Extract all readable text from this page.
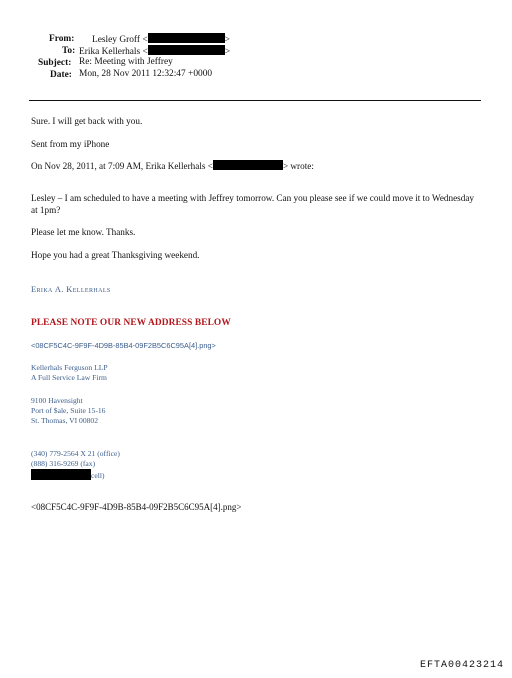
From: Lesley Groff <	>
To: Erika Kellerhals <	>
Subject: Re: Meeting with Jeffrey
Date: Mon, 28 Nov 2011 12:32:47 +0000
Sure. I will get back with you.
Sent from my iPhone
On Nov 28, 2011, at 7:09 AM, Erika Kellerhals <	> wrote:
Lesley – I am scheduled to have a meeting with Jeffrey tomorrow. Can you please see if we could move it to Wednesday at 1pm?
Please let me know. Thanks.
Hope you had a great Thanksgiving weekend.
Erika A. Kellerhals
PLEASE NOTE OUR NEW ADDRESS BELOW
<08CF5C4C-9F9F-4D9B-85B4-09F2B5C6C95A[4].png>
Kellerhals Ferguson LLP
A Full Service Law Firm
9100 Havensight
Port of $ale, Suite 15-16
St. Thomas, VI 00802
(340) 779-2564 X 21 (office)
(888) 316-9269 (fax)
cell)
<08CF5C4C-9F9F-4D9B-85B4-09F2B5C6C95A[4].png>
EFTA00423214
